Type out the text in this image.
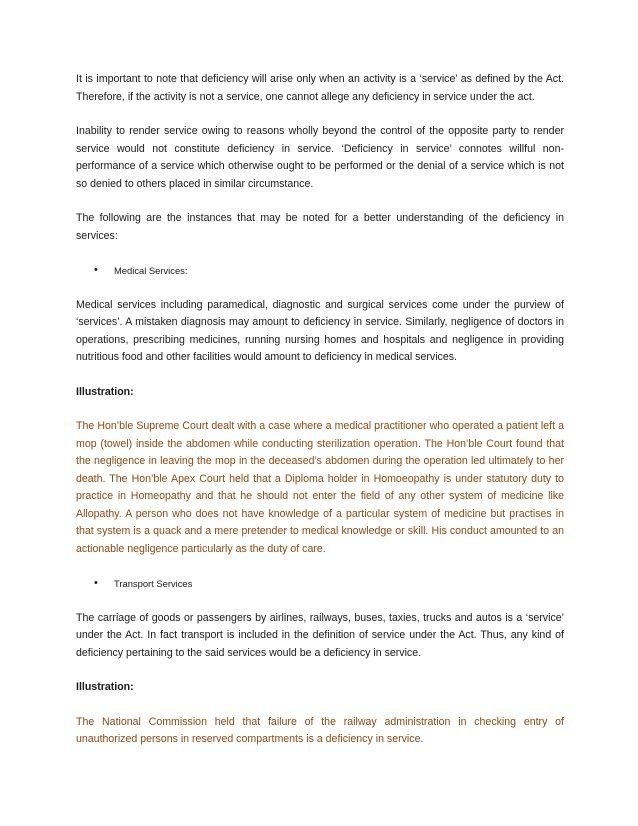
It is important to note that deficiency will arise only when an activity is a ‘service’ as defined by the Act. Therefore, if the activity is not a service, one cannot allege any deficiency in service under the act.

Inability to render service owing to reasons wholly beyond the control of the opposite party to render service would not constitute deficiency in service. ‘Deficiency in service’ connotes willful non-performance of a service which otherwise ought to be performed or the denial of a service which is not so denied to others placed in similar circumstance.

The following are the instances that may be noted for a better understanding of the deficiency in services:

•	Medical Services:

Medical services including paramedical, diagnostic and surgical services come under the purview of ‘services’. A mistaken diagnosis may amount to deficiency in service. Similarly, negligence of doctors in operations, prescribing medicines, running nursing homes and hospitals and negligence in providing nutritious food and other facilities would amount to deficiency in medical services.

Illustration:

The Hon’ble Supreme Court dealt with a case where a medical practitioner who operated a patient left a mop (towel) inside the abdomen while conducting sterilization operation. The Hon’ble Court found that the negligence in leaving the mop in the deceased’s abdomen during the operation led ultimately to her death. The Hon’ble Apex Court held that a Diploma holder in Homoeopathy is under statutory duty to practice in Homeopathy and that he should not enter the field of any other system of medicine like Allopathy. A person who does not have knowledge of a particular system of medicine but practises in that system is a quack and a mere pretender to medical knowledge or skill. His conduct amounted to an actionable negligence particularly as the duty of care.

•	Transport Services

The carriage of goods or passengers by airlines, railways, buses, taxies, trucks and autos is a ‘service’ under the Act. In fact transport is included in the definition of service under the Act. Thus, any kind of deficiency pertaining to the said services would be a deficiency in service.

Illustration:

The National Commission held that failure of the railway administration in checking entry of unauthorized persons in reserved compartments is a deficiency in service.
